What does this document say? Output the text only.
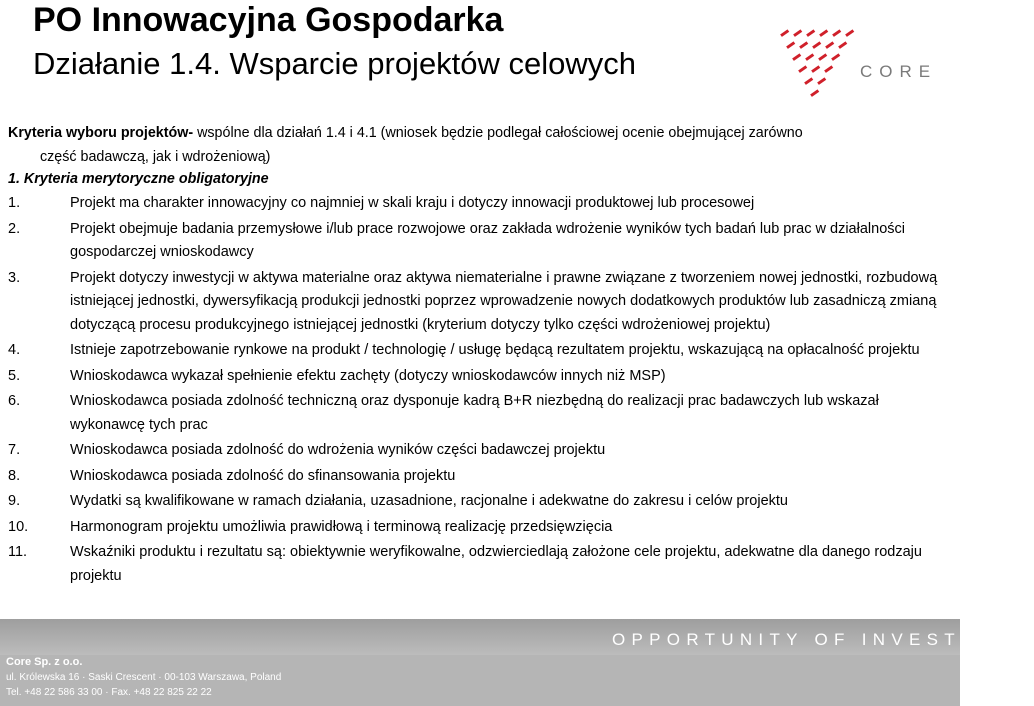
PO Innowacyjna Gospodarka
Działanie 1.4. Wsparcie projektów celowych	CORE
Kryteria wyboru projektów- wspólne dla działań 1.4 i 4.1 (wniosek będzie podlegał całościowej ocenie obejmującej zarówno
część badawczą, jak i wdrożeniową)
1. Kryteria merytoryczne obligatoryjne
1.	Projekt ma charakter innowacyjny co najmniej w skali kraju i dotyczy innowacji produktowej lub procesowej
2.	Projekt obejmuje badania przemysłowe i/lub prace rozwojowe oraz zakłada wdrożenie wyników tych badań lub prac w działalności gospodarczej wnioskodawcy
3.	Projekt dotyczy inwestycji w aktywa materialne oraz aktywa niematerialne i prawne związane z tworzeniem nowej jednostki, rozbudową istniejącej jednostki, dywersyfikacją produkcji jednostki poprzez wprowadzenie nowych dodatkowych produktów lub zasadniczą zmianą dotyczącą procesu produkcyjnego istniejącej jednostki (kryterium dotyczy tylko części wdrożeniowej projektu)
4.	Istnieje zapotrzebowanie rynkowe na produkt / technologię / usługę będącą rezultatem projektu, wskazującą na opłacalność projektu
5.	Wnioskodawca wykazał spełnienie efektu zachęty (dotyczy wnioskodawców innych niż MSP)
6.	Wnioskodawca posiada zdolność techniczną oraz dysponuje kadrą B+R niezbędną do realizacji prac badawczych lub wskazał wykonawcę tych prac
7.	Wnioskodawca posiada zdolność do wdrożenia wyników części badawczej projektu
8.	Wnioskodawca posiada zdolność do sfinansowania projektu
9.	Wydatki są kwalifikowane w ramach działania, uzasadnione, racjonalne i adekwatne do zakresu i celów projektu
10.	Harmonogram projektu umożliwia prawidłową i terminową realizację przedsięwzięcia
11.	Wskaźniki produktu i rezultatu są: obiektywnie weryfikowalne, odzwierciedlają założone cele projektu, adekwatne dla danego rodzaju projektu
OPPORTUNITY OF INVESTMENT
Core Sp. z o.o.
ul. Królewska 16 · Saski Crescent · 00-103 Warszawa, Poland
Tel. +48 22 586 33 00 · Fax. +48 22 825 22 22
